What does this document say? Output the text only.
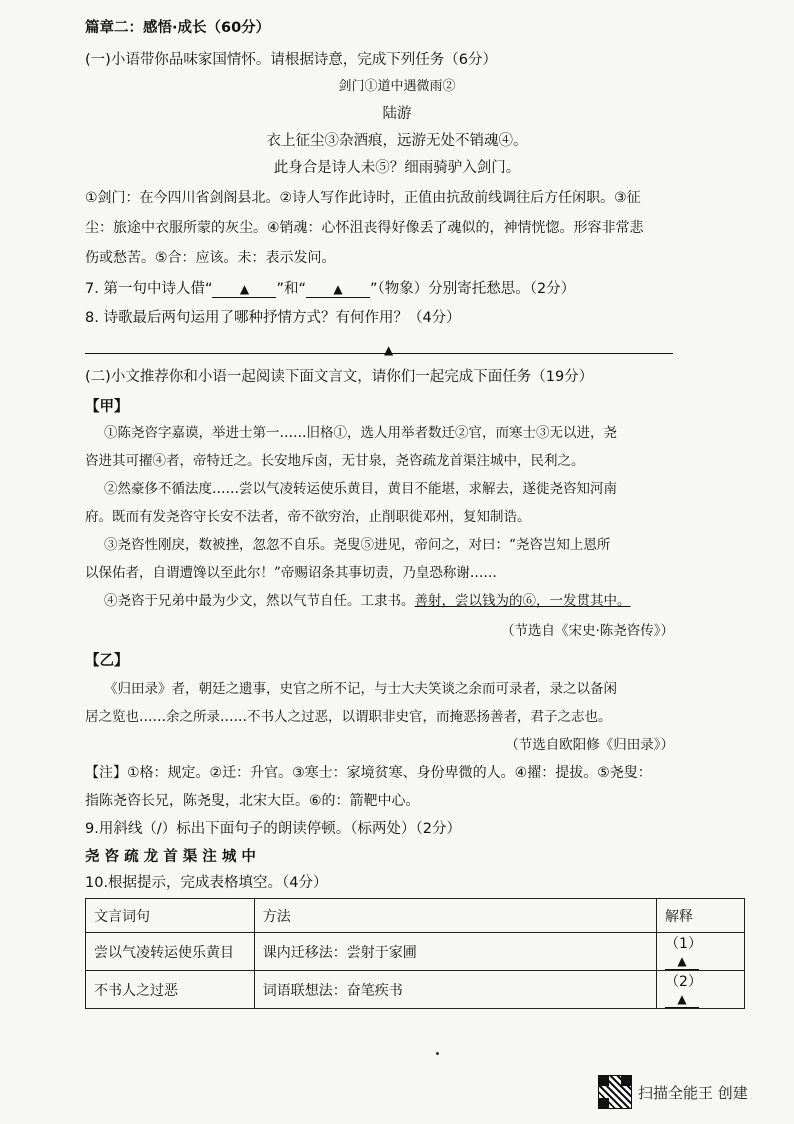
篇章二：感悟·成长（60分）
(一)小语带你品味家国情怀。请根据诗意，完成下列任务（6分）
剑门①道中遇微雨②
陆游
衣上征尘③杂酒痕，远游无处不销魂④。
此身合是诗人未⑤？细雨骑驴入剑门。
①剑门：在今四川省剑阁县北。②诗人写作此诗时，正值由抗敌前线调往后方任闲职。③征
尘：旅途中衣服所蒙的灰尘。④销魂：心怀沮丧得好像丢了魂似的，神情恍惚。形容非常悲
伤或愁苦。⑤合：应该。未：表示发问。
7. 第一句中诗人借“ ▲ ”和“ ▲ ”（物象）分别寄托愁思。（2分）
8. 诗歌最后两句运用了哪种抒情方式？有何作用？（4分）
▲
(二)小文推荐你和小语一起阅读下面文言文，请你们一起完成下面任务（19分）
【甲】
①陈尧咨字嘉谟，举进士第一……旧格①，选人用举者数迁②官，而寒士③无以进，尧
咨进其可擢④者，帝特迁之。长安地斥卤，无甘泉，尧咨疏龙首渠注城中，民利之。
②然豪侈不循法度……尝以气凌转运使乐黄目，黄目不能堪，求解去，遂徙尧咨知河南
府。既而有发尧咨守长安不法者，帝不欲穷治，止削职徙邓州，复知制诰。
③尧咨性刚戾，数被挫，忽忽不自乐。尧叟⑤进见，帝问之，对曰：“尧咨岂知上恩所
以保佑者，自谓遭馋以至此尔！”帝赐诏条其事切责，乃皇恐称谢……
④尧咨于兄弟中最为少文，然以气节自任。工隶书。善射，尝以钱为的⑥，一发贯其中。
（节选自《宋史·陈尧咨传》）
【乙】
《归田录》者，朝廷之遗事，史官之所不记，与士大夫笑谈之余而可录者，录之以备闲
居之览也……余之所录……不书人之过恶，以谓职非史官，而掩恶扬善者，君子之志也。
（节选自欧阳修《归田录》）
【注】①格：规定。②迁：升官。③寒士：家境贫寒、身份卑微的人。④擢：提拔。⑤尧叟：
指陈尧咨长兄，陈尧叟，北宋大臣。⑥的：箭靶中心。
9.用斜线（/）标出下面句子的朗读停顿。（标两处）（2分）
尧 咨 疏 龙 首 渠 注 城 中
10.根据提示，完成表格填空。（4分）
文言词句	方法	解释
尝以气凌转运使乐黄目	课内迁移法：尝射于家圃	（1） ▲
不书人之过恶	词语联想法：奋笔疾书	（2） ▲
扫描全能王 创建
